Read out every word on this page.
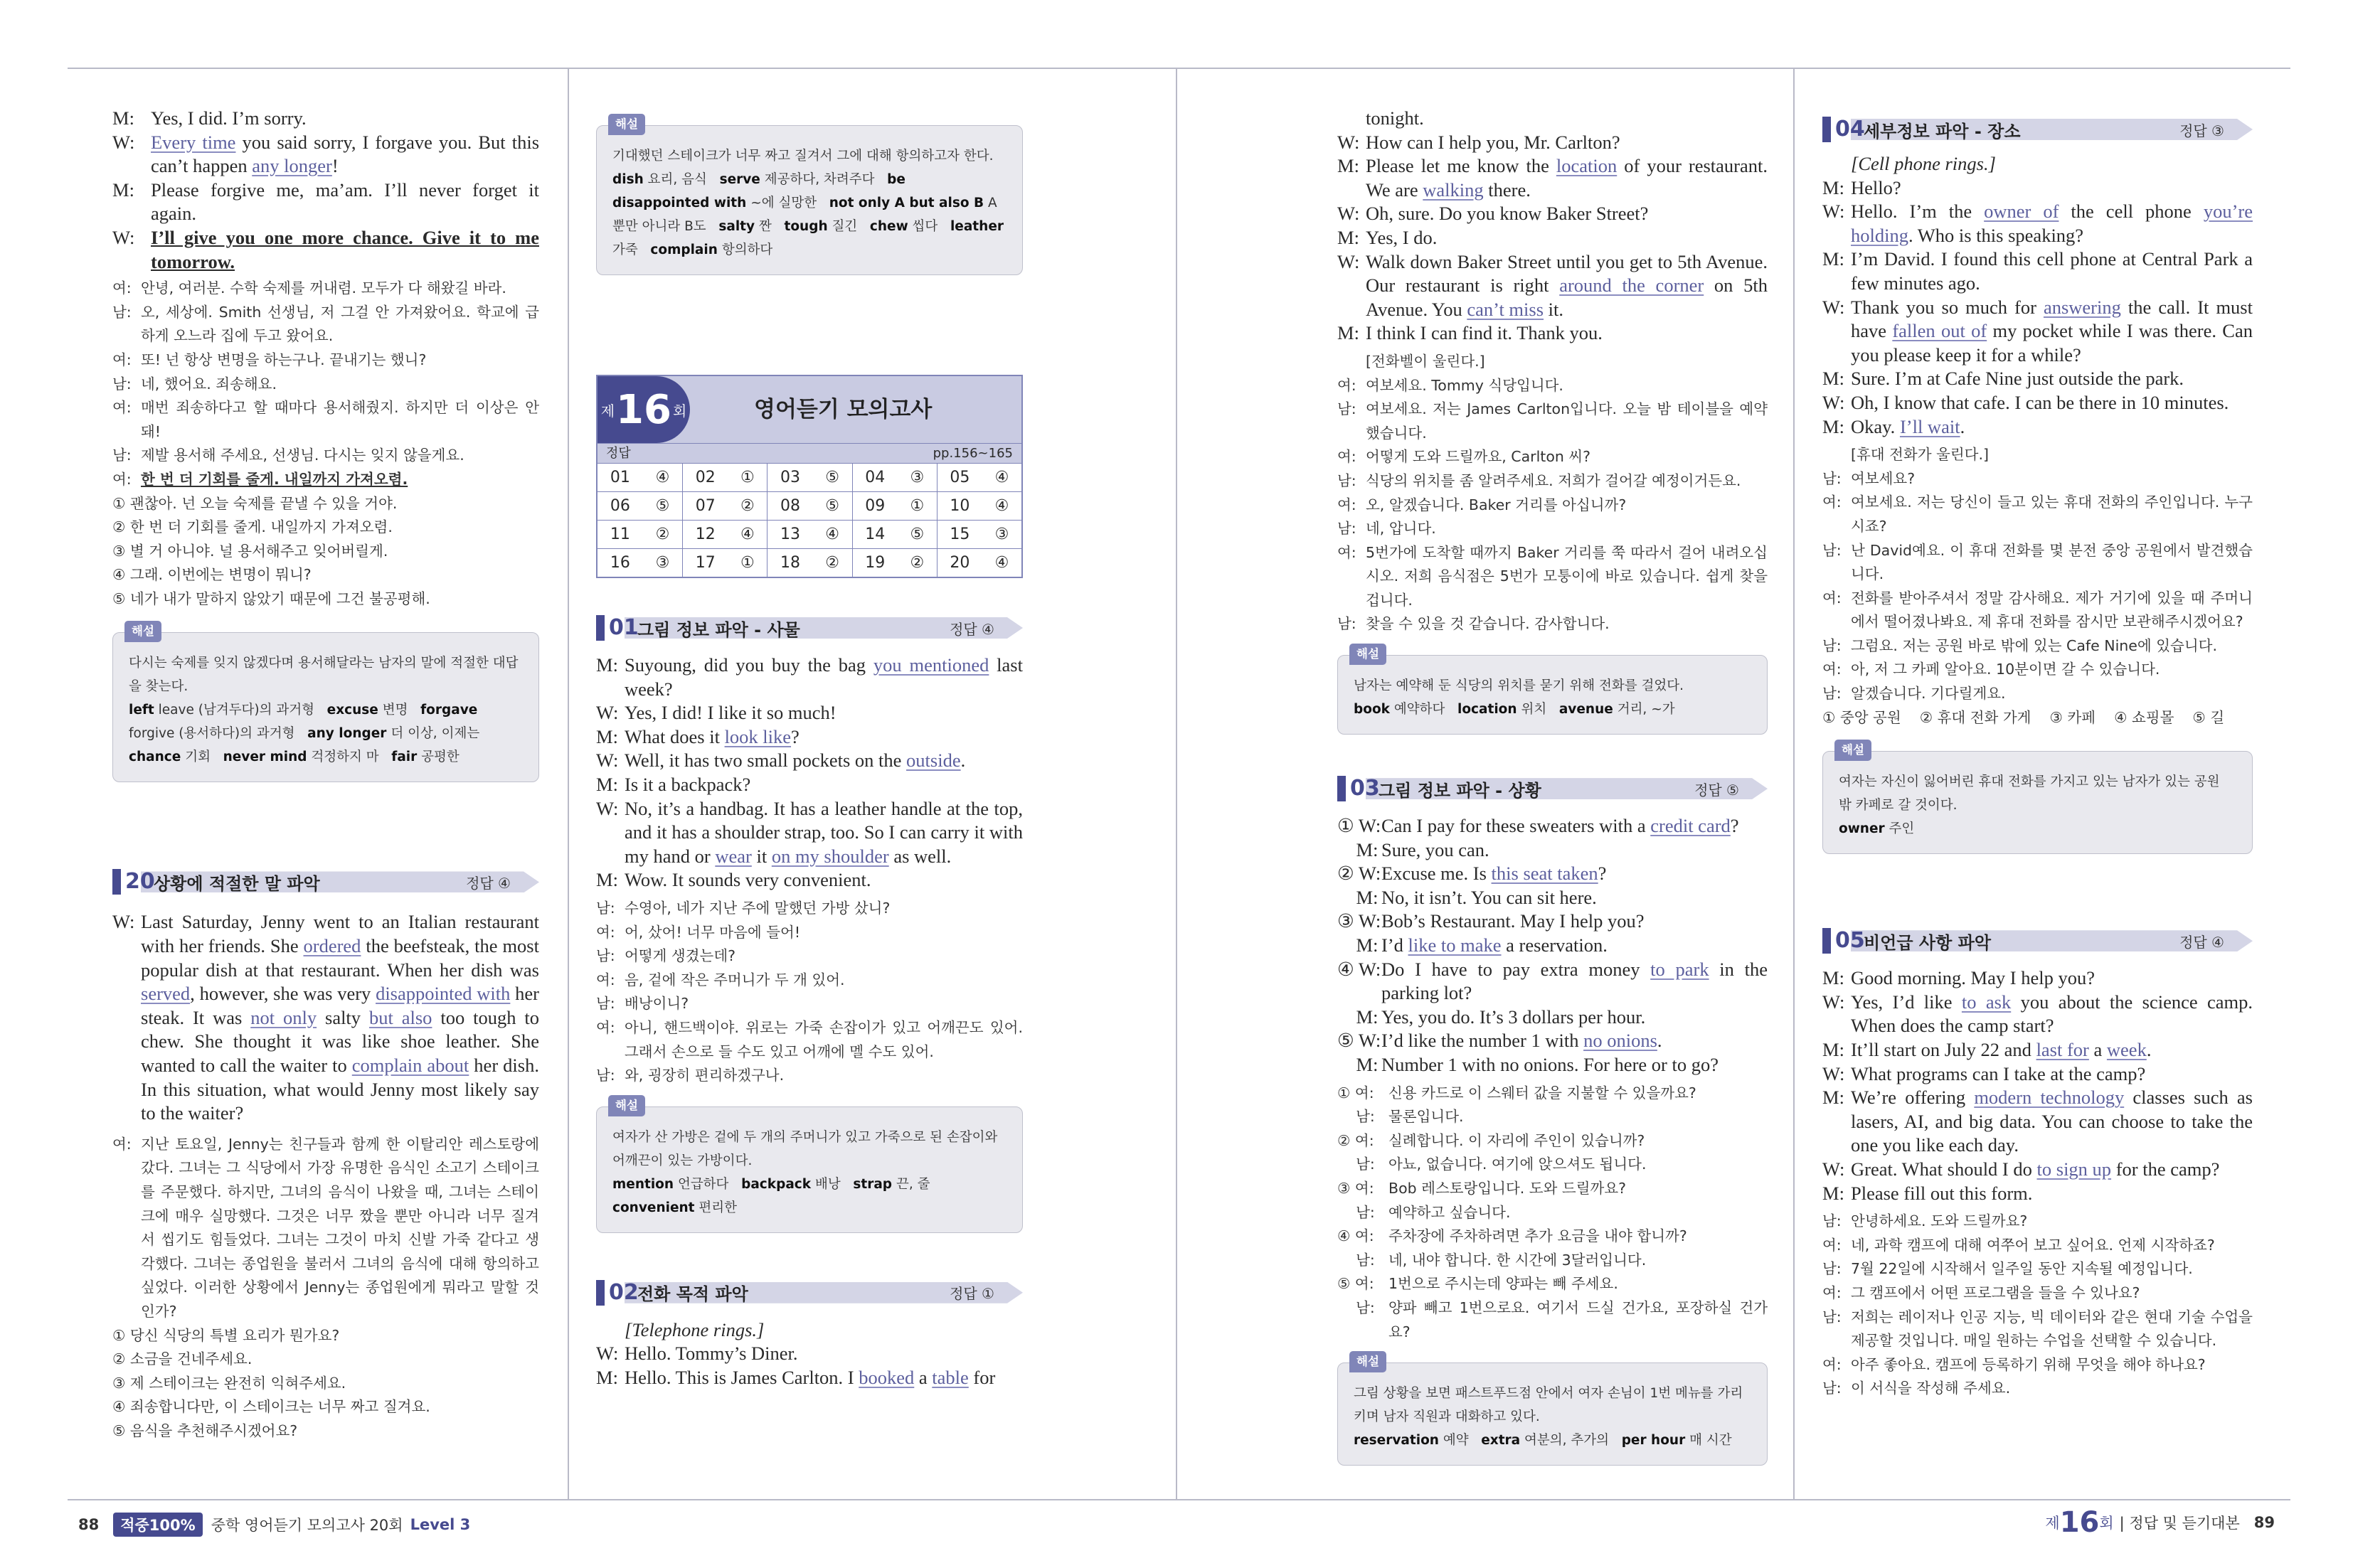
M: Yes, I did. I’m sorry.
W: Every time you said sorry, I forgave you. But this can’t happen any longer!
M: Please forgive me, ma’am. I’ll never forget it again.
W: I’ll give you one more chance. Give it to me tomorrow.
여: 안녕, 여러분. 수학 숙제를 꺼내렴. 모두가 다 해왔길 바라.
남: 오, 세상에. Smith 선생님, 저 그걸 안 가져왔어요. 학교에 급하게 오느라 집에 두고 왔어요.
여: 또! 넌 항상 변명을 하는구나. 끝내기는 했니?
남: 네, 했어요. 죄송해요.
여: 매번 죄송하다고 할 때마다 용서해줬지. 하지만 더 이상은 안 돼!
남: 제발 용서해 주세요, 선생님. 다시는 잊지 않을게요.
여: 한 번 더 기회를 줄게. 내일까지 가져오렴.
① 괜찮아. 넌 오늘 숙제를 끝낼 수 있을 거야.
② 한 번 더 기회를 줄게. 내일까지 가져오렴.
③ 별 거 아니야. 널 용서해주고 잊어버릴게.
④ 그래. 이번에는 변명이 뭐니?
⑤ 네가 내가 말하지 않았기 때문에 그건 불공평해.
해설
다시는 숙제를 잊지 않겠다며 용서해달라는 남자의 말에 적절한 대답을 찾는다.
left leave (남겨두다)의 과거형   excuse 변명   forgave forgive (용서하다)의 과거형   any longer 더 이상, 이제는   chance 기회   never mind 걱정하지 마   fair 공평한
20
상황에 적절한 말 파악	정답 ④
W: Last Saturday, Jenny went to an Italian restaurant with her friends. She ordered the beefsteak, the most popular dish at that restaurant. When her dish was served, however, she was very disappointed with her steak. It was not only salty but also too tough to chew. She thought it was like shoe leather. She wanted to call the waiter to complain about her dish. In this situation, what would Jenny most likely say to the waiter?
여: 지난 토요일, Jenny는 친구들과 함께 한 이탈리안 레스토랑에 갔다. 그녀는 그 식당에서 가장 유명한 음식인 소고기 스테이크를 주문했다. 하지만, 그녀의 음식이 나왔을 때, 그녀는 스테이크에 매우 실망했다. 그것은 너무 짰을 뿐만 아니라 너무 질겨서 씹기도 힘들었다. 그녀는 그것이 마치 신발 가죽 같다고 생각했다. 그녀는 종업원을 불러서 그녀의 음식에 대해 항의하고 싶었다. 이러한 상황에서 Jenny는 종업원에게 뭐라고 말할 것인가?
① 당신 식당의 특별 요리가 뭔가요?
② 소금을 건네주세요.
③ 제 스테이크는 완전히 익혀주세요.
④ 죄송합니다만, 이 스테이크는 너무 짜고 질겨요.
⑤ 음식을 추천해주시겠어요?
해설
기대했던 스테이크가 너무 짜고 질겨서 그에 대해 항의하고자 한다.
dish 요리, 음식   serve 제공하다, 차려주다   be disappointed with ~에 실망한   not only A but also B A뿐만 아니라 B도   salty 짠   tough 질긴   chew 씹다   leather 가죽   complain 항의하다
제 16 회	영어듣기 모의고사
정답	pp.156~165
01 ④ 02 ① 03 ⑤ 04 ③ 05 ④
06 ⑤ 07 ② 08 ⑤ 09 ① 10 ④
11 ② 12 ④ 13 ④ 14 ⑤ 15 ③
16 ③ 17 ① 18 ② 19 ② 20 ④
01
그림 정보 파악 - 사물	정답 ④
M: Suyoung, did you buy the bag you mentioned last week?
W: Yes, I did! I like it so much!
M: What does it look like?
W: Well, it has two small pockets on the outside.
M: Is it a backpack?
W: No, it’s a handbag. It has a leather handle at the top, and it has a shoulder strap, too. So I can carry it with my hand or wear it on my shoulder as well.
M: Wow. It sounds very convenient.
남: 수영아, 네가 지난 주에 말했던 가방 샀니?
여: 어, 샀어! 너무 마음에 들어!
남: 어떻게 생겼는데?
여: 음, 겉에 작은 주머니가 두 개 있어.
남: 배낭이니?
여: 아니, 핸드백이야. 위로는 가죽 손잡이가 있고 어깨끈도 있어. 그래서 손으로 들 수도 있고 어깨에 멜 수도 있어.
남: 와, 굉장히 편리하겠구나.
해설
여자가 산 가방은 겉에 두 개의 주머니가 있고 가죽으로 된 손잡이와 어깨끈이 있는 가방이다.
mention 언급하다   backpack 배낭   strap 끈, 줄   convenient 편리한
02
전화 목적 파악	정답 ①
[Telephone rings.]
W: Hello. Tommy’s Diner.
M: Hello. This is James Carlton. I booked a table for
tonight.
W: How can I help you, Mr. Carlton?
M: Please let me know the location of your restaurant. We are walking there.
W: Oh, sure. Do you know Baker Street?
M: Yes, I do.
W: Walk down Baker Street until you get to 5th Avenue. Our restaurant is right around the corner on 5th Avenue. You can’t miss it.
M: I think I can find it. Thank you.
[전화벨이 울린다.]
여: 여보세요. Tommy 식당입니다.
남: 여보세요. 저는 James Carlton입니다. 오늘 밤 테이블을 예약했습니다.
여: 어떻게 도와 드릴까요, Carlton 씨?
남: 식당의 위치를 좀 알려주세요. 저희가 걸어갈 예정이거든요.
여: 오, 알겠습니다. Baker 거리를 아십니까?
남: 네, 압니다.
여: 5번가에 도착할 때까지 Baker 거리를 쭉 따라서 걸어 내려오십시오. 저희 음식점은 5번가 모퉁이에 바로 있습니다. 쉽게 찾을 겁니다.
남: 찾을 수 있을 것 같습니다. 감사합니다.
해설
남자는 예약해 둔 식당의 위치를 묻기 위해 전화를 걸었다.
book 예약하다   location 위치   avenue 거리, ~가
03
그림 정보 파악 - 상황	정답 ⑤
① W: Can I pay for these sweaters with a credit card?
M: Sure, you can.
② W: Excuse me. Is this seat taken?
M: No, it isn’t. You can sit here.
③ W: Bob’s Restaurant. May I help you?
M: I’d like to make a reservation.
④ W: Do I have to pay extra money to park in the parking lot?
M: Yes, you do. It’s 3 dollars per hour.
⑤ W: I’d like the number 1 with no onions.
M: Number 1 with no onions. For here or to go?
① 여: 신용 카드로 이 스웨터 값을 지불할 수 있을까요?
남: 물론입니다.
② 여: 실례합니다. 이 자리에 주인이 있습니까?
남: 아뇨, 없습니다. 여기에 앉으셔도 됩니다.
③ 여: Bob 레스토랑입니다. 도와 드릴까요?
남: 예약하고 싶습니다.
④ 여: 주차장에 주차하려면 추가 요금을 내야 합니까?
남: 네, 내야 합니다. 한 시간에 3달러입니다.
⑤ 여: 1번으로 주시는데 양파는 빼 주세요.
남: 양파 빼고 1번으로요. 여기서 드실 건가요, 포장하실 건가요?
해설
그림 상황을 보면 패스트푸드점 안에서 여자 손님이 1번 메뉴를 가리키며 남자 직원과 대화하고 있다.
reservation 예약   extra 여분의, 추가의   per hour 매 시간
04
세부정보 파악 - 장소	정답 ③
[Cell phone rings.]
M: Hello?
W: Hello. I’m the owner of the cell phone you’re holding. Who is this speaking?
M: I’m David. I found this cell phone at Central Park a few minutes ago.
W: Thank you so much for answering the call. It must have fallen out of my pocket while I was there. Can you please keep it for a while?
M: Sure. I’m at Cafe Nine just outside the park.
W: Oh, I know that cafe. I can be there in 10 minutes.
M: Okay. I’ll wait.
[휴대 전화가 울린다.]
남: 여보세요?
여: 여보세요. 저는 당신이 들고 있는 휴대 전화의 주인입니다. 누구시죠?
남: 난 David예요. 이 휴대 전화를 몇 분전 중앙 공원에서 발견했습니다.
여: 전화를 받아주셔서 정말 감사해요. 제가 거기에 있을 때 주머니에서 떨어졌나봐요. 제 휴대 전화를 잠시만 보관해주시겠어요?
남: 그럼요. 저는 공원 바로 밖에 있는 Cafe Nine에 있습니다.
여: 아, 저 그 카페 알아요. 10분이면 갈 수 있습니다.
남: 알겠습니다. 기다릴게요.
① 중앙 공원    ② 휴대 전화 가게    ③ 카페    ④ 쇼핑몰    ⑤ 길
해설
여자는 자신이 잃어버린 휴대 전화를 가지고 있는 남자가 있는 공원 밖 카페로 갈 것이다.
owner 주인
05
비언급 사항 파악	정답 ④
M: Good morning. May I help you?
W: Yes, I’d like to ask you about the science camp. When does the camp start?
M: It’ll start on July 22 and last for a week.
W: What programs can I take at the camp?
M: We’re offering modern technology classes such as lasers, AI, and big data. You can choose to take the one you like each day.
W: Great. What should I do to sign up for the camp?
M: Please fill out this form.
남: 안녕하세요. 도와 드릴까요?
여: 네, 과학 캠프에 대해 여쭈어 보고 싶어요. 언제 시작하죠?
남: 7월 22일에 시작해서 일주일 동안 지속될 예정입니다.
여: 그 캠프에서 어떤 프로그램을 들을 수 있나요?
남: 저희는 레이저나 인공 지능, 빅 데이터와 같은 현대 기술 수업을 제공할 것입니다. 매일 원하는 수업을 선택할 수 있습니다.
여: 아주 좋아요. 캠프에 등록하기 위해 무엇을 해야 하나요?
남: 이 서식을 작성해 주세요.
88	적중100%	중학 영어듣기 모의고사 20회 Level 3	제 16 회 | 정답 및 듣기대본 89
